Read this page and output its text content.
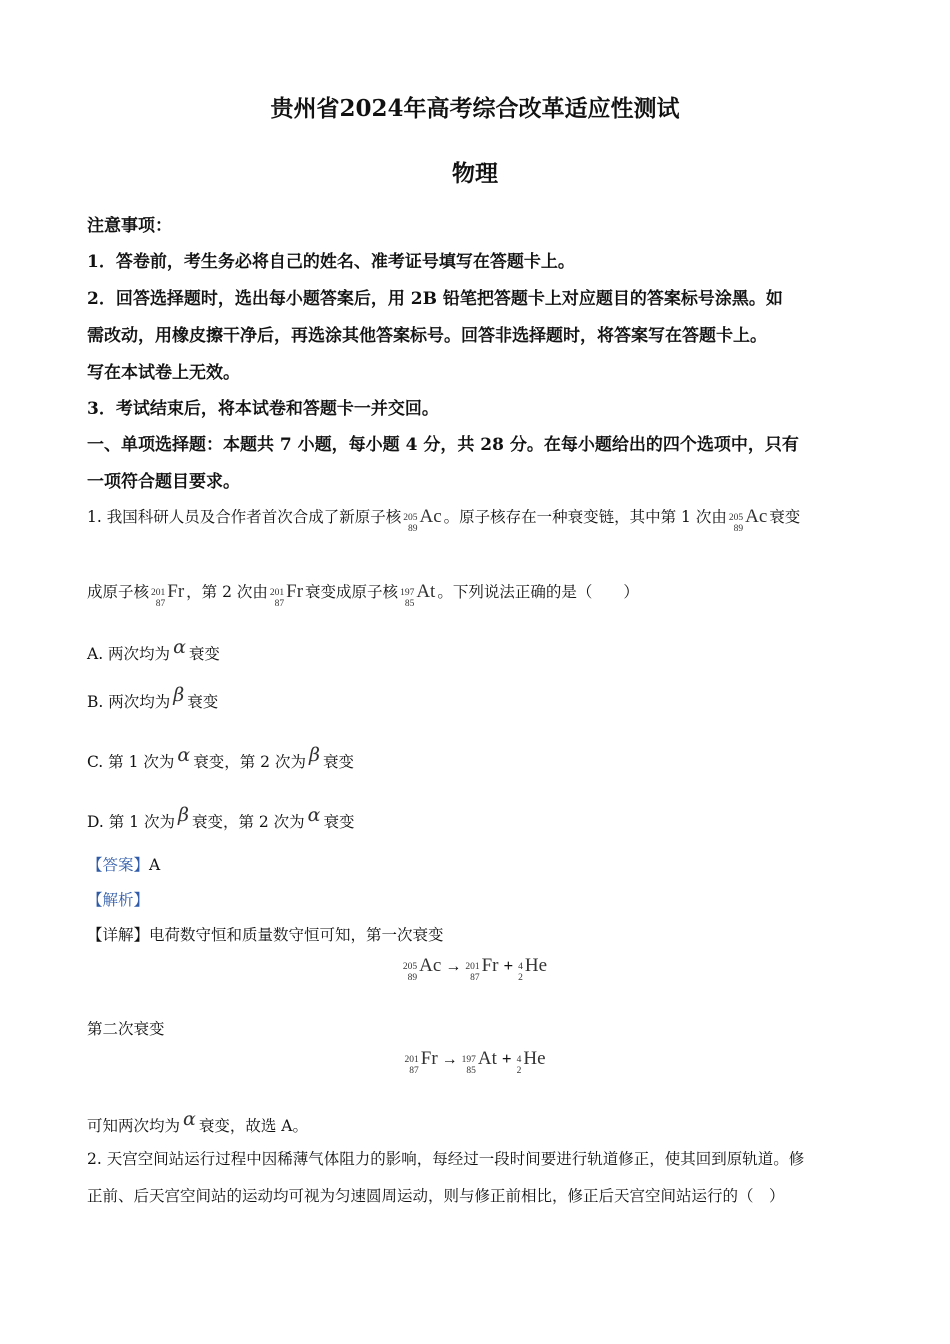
贵州省2024年高考综合改革适应性测试
物理
注意事项：
1．答卷前，考生务必将自己的姓名、准考证号填写在答题卡上。
2．回答选择题时，选出每小题答案后，用 2B 铅笔把答题卡上对应题目的答案标号涂黑。如
需改动，用橡皮擦干净后，再选涂其他答案标号。回答非选择题时，将答案写在答题卡上。
写在本试卷上无效。
3．考试结束后，将本试卷和答题卡一并交回。
一、单项选择题：本题共 7 小题，每小题 4 分，共 28 分。在每小题给出的四个选项中，只有
一项符合题目要求。
1. 我国科研人员及合作者首次合成了新原子核 205
89
Ac 。原子核存在一种衰变链，其中第 1 次由 205
89
Ac 衰变
成原子核 201
87
Fr ，第 2 次由 201
87
Fr 衰变成原子核 197
85
At 。下列说法正确的是（　　）
A. 两次均为 α 衰变
B. 两次均为 β 衰变
C. 第 1 次为 α 衰变，第 2 次为 β 衰变
D. 第 1 次为 β 衰变，第 2 次为 α 衰变
【答案】A
【解析】
【详解】电荷数守恒和质量数守恒可知，第一次衰变
205
89
Ac → 201
87
Fr + 4
2
He
第二次衰变
201
87
Fr → 197
85
At + 4
2
He
可知两次均为 α 衰变，故选 A。
2. 天宫空间站运行过程中因稀薄气体阻力的影响，每经过一段时间要进行轨道修正，使其回到原轨道。修
正前、后天宫空间站的运动均可视为匀速圆周运动，则与修正前相比，修正后天宫空间站运行的（　）
